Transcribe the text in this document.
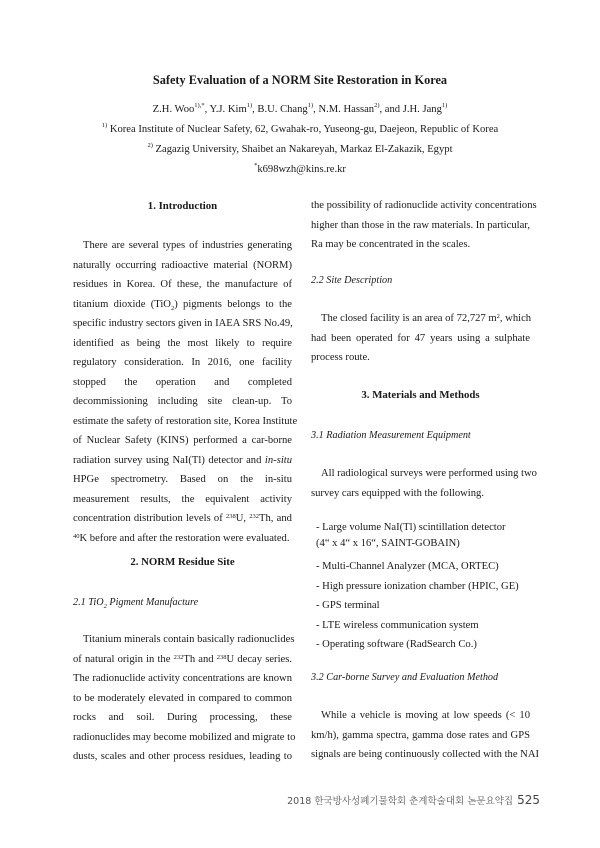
Safety Evaluation of a NORM Site Restoration in Korea
Z.H. Woo$^{1),*}$, Y.J. Kim$^{1)}$, B.U. Chang$^{1)}$, N.M. Hassan$^{2)}$, and J.H. Jang$^{1)}$
$^{1)}$ Korea Institute of Nuclear Safety, 62, Gwahak-ro, Yuseong-gu, Daejeon, Republic of Korea
$^{2)}$ Zagazig University, Shaibet an Nakareyah, Markaz El-Zakazik, Egypt
*k698wzh@kins.re.kr
1. Introduction
There are several types of industries generating
naturally occurring radioactive material (NORM)
residues in Korea. Of these, the manufacture of
titanium dioxide (TiO$_2$) pigments belongs to the
specific industry sectors given in IAEA SRS No.49,
identified as being the most likely to require
regulatory consideration. In 2016, one facility
stopped the operation and completed
decommissioning including site clean-up. To
estimate the safety of restoration site, Korea Institute
of Nuclear Safety (KINS) performed a car-borne
radiation survey using NaI(Tl) detector and in-situ
HPGe spectrometry. Based on the in-situ
measurement results, the equivalent activity
concentration distribution levels of $^{238}$U, $^{232}$Th, and
$^{40}$K before and after the restoration were evaluated.
2. NORM Residue Site
2.1 TiO$_2$ Pigment Manufacture
Titanium minerals contain basically radionuclides
of natural origin in the $^{232}$Th and $^{238}$U decay series.
The radionuclide activity concentrations are known
to be moderately elevated in compared to common
rocks and soil. During processing, these
radionuclides may become mobilized and migrate to
dusts, scales and other process residues, leading to
the possibility of radionuclide activity concentrations
higher than those in the raw materials. In particular,
Ra may be concentrated in the scales.
2.2 Site Description
The closed facility is an area of 72,727 $m^2$, which
had been operated for 47 years using a sulphate
process route.
3. Materials and Methods
3.1 Radiation Measurement Equipment
All radiological surveys were performed using two
survey cars equipped with the following.
- Large volume NaI(Tl) scintillation detector
(4“ x 4“ x 16“, SAINT-GOBAIN)
- Multi-Channel Analyzer (MCA, ORTEC)
- High pressure ionization chamber (HPIC, GE)
- GPS terminal
- LTE wireless communication system
- Operating software (RadSearch Co.)
3.2 Car-borne Survey and Evaluation Method
While a vehicle is moving at low speeds (< 10
km/h), gamma spectra, gamma dose rates and GPS
signals are being continuously collected with the NAI
2018 한국방사성폐기물학회 춘계학술대회 논문요약집 525
